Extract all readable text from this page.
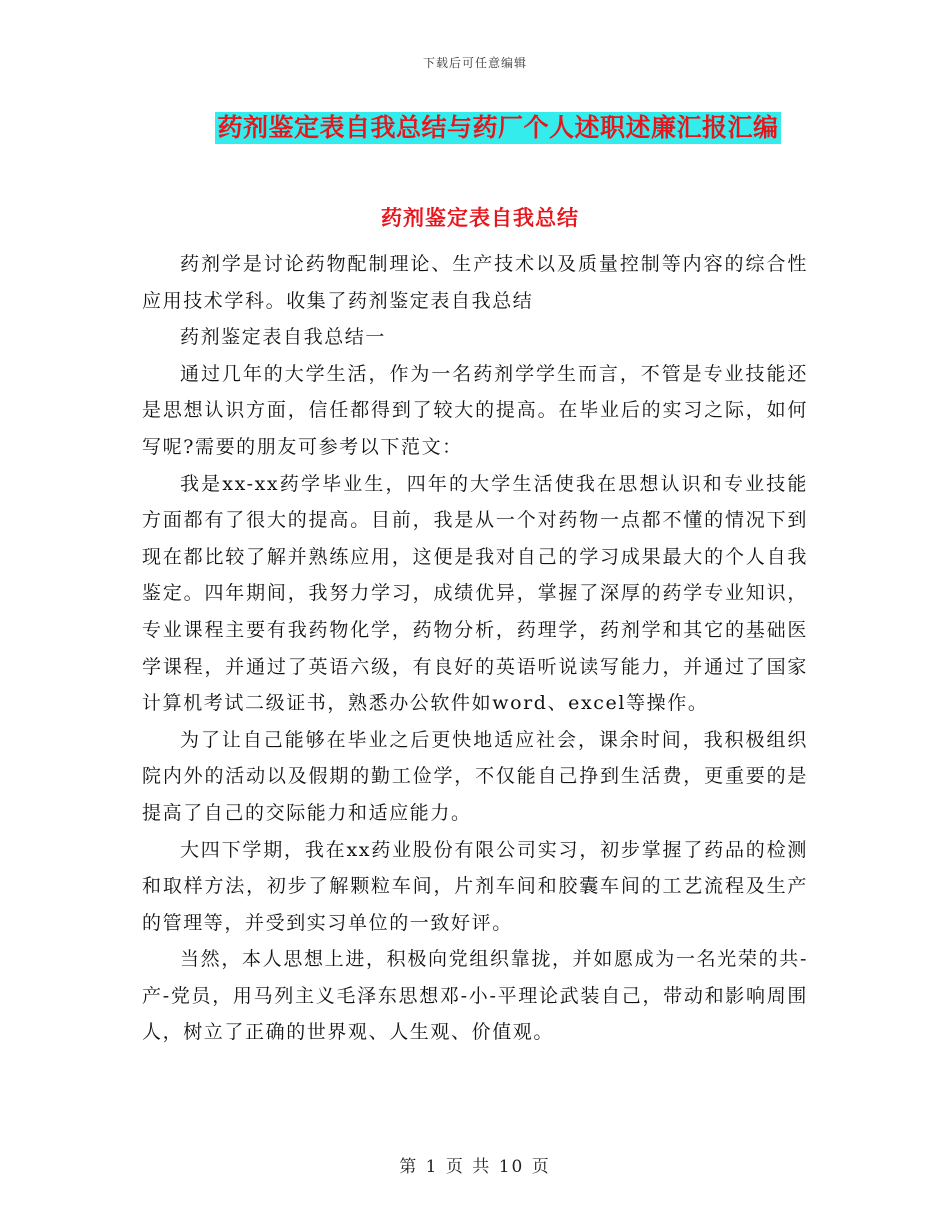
下载后可任意编辑
药剂鉴定表自我总结与药厂个人述职述廉汇报汇编
药剂鉴定表自我总结

药剂学是讨论药物配制理论、生产技术以及质量控制等内容的综合性应用技术学科。收集了药剂鉴定表自我总结

药剂鉴定表自我总结一

通过几年的大学生活，作为一名药剂学学生而言，不管是专业技能还是思想认识方面，信任都得到了较大的提高。在毕业后的实习之际，如何写呢?需要的朋友可参考以下范文：

我是xx-xx药学毕业生，四年的大学生活使我在思想认识和专业技能方面都有了很大的提高。目前，我是从一个对药物一点都不懂的情况下到现在都比较了解并熟练应用，这便是我对自己的学习成果最大的个人自我鉴定。四年期间，我努力学习，成绩优异，掌握了深厚的药学专业知识，专业课程主要有我药物化学，药物分析，药理学，药剂学和其它的基础医学课程，并通过了英语六级，有良好的英语听说读写能力，并通过了国家计算机考试二级证书，熟悉办公软件如word、excel等操作。

为了让自己能够在毕业之后更快地适应社会，课余时间，我积极组织院内外的活动以及假期的勤工俭学，不仅能自己挣到生活费，更重要的是提高了自己的交际能力和适应能力。

大四下学期，我在xx药业股份有限公司实习，初步掌握了药品的检测和取样方法，初步了解颗粒车间，片剂车间和胶囊车间的工艺流程及生产的管理等，并受到实习单位的一致好评。

当然，本人思想上进，积极向党组织靠拢，并如愿成为一名光荣的共-产-党员，用马列主义毛泽东思想邓-小-平理论武装自己，带动和影响周围人，树立了正确的世界观、人生观、价值观。

第 1 页 共 10 页
